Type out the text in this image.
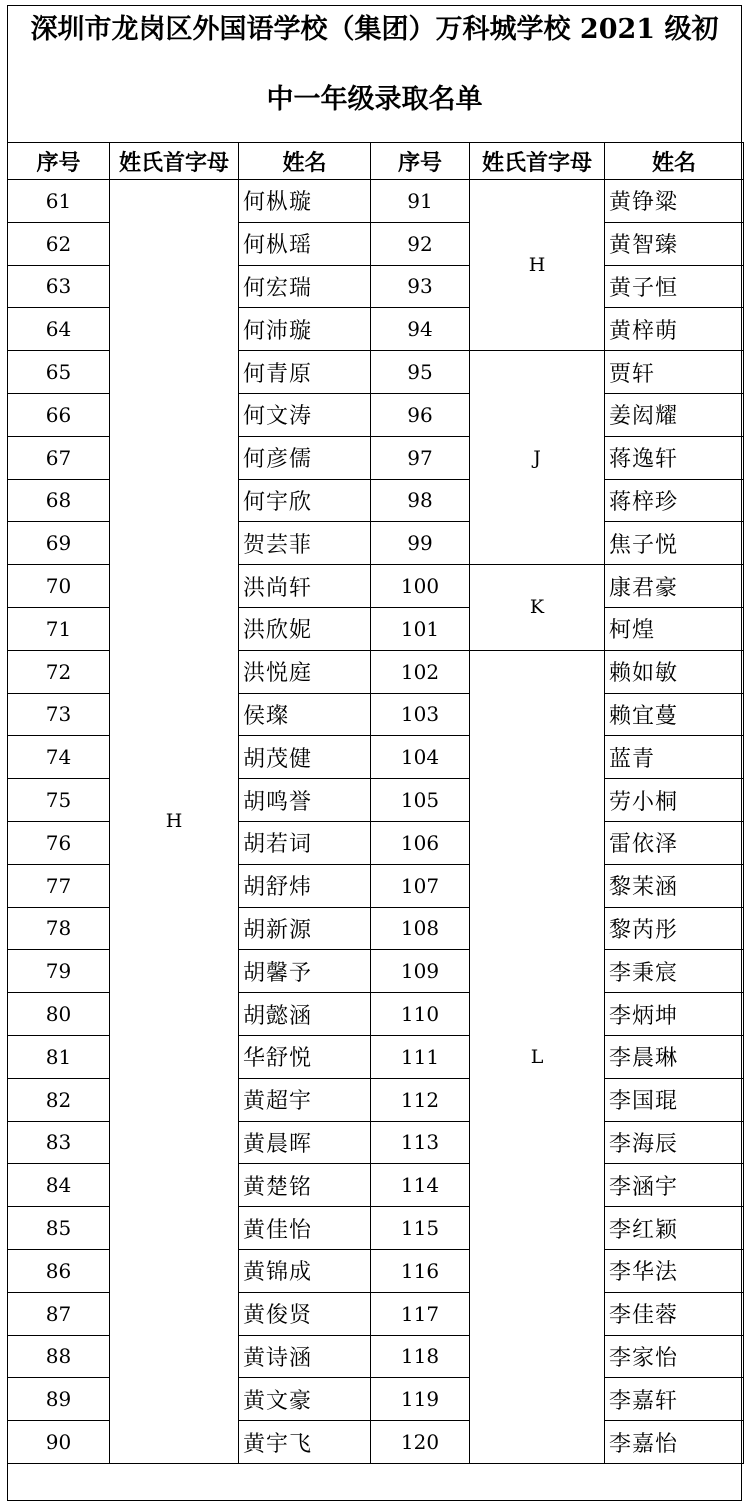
深圳市龙岗区外国语学校（集团）万科城学校 2021 级初
中一年级录取名单
序号	姓氏首字母	姓名	序号	姓氏首字母	姓名
61	H	何枞璇	91	H	黄铮粱
62		何枞瑶	92		黄智臻
63		何宏瑞	93		黄子恒
64		何沛璇	94		黄梓萌
65		何青原	95	J	贾轩
66		何文涛	96		姜闳耀
67		何彦儒	97		蒋逸轩
68		何宇欣	98		蒋梓珍
69		贺芸菲	99		焦子悦
70		洪尚轩	100	K	康君豪
71		洪欣妮	101		柯煌
72		洪悦庭	102	L	赖如敏
73		侯璨	103		赖宜蔓
74		胡茂健	104		蓝青
75		胡鸣誉	105		劳小桐
76		胡若词	106		雷依泽
77		胡舒炜	107		黎茉涵
78		胡新源	108		黎芮彤
79		胡馨予	109		李秉宸
80		胡懿涵	110		李炳坤
81		华舒悦	111		李晨琳
82		黄超宇	112		李国琨
83		黄晨晖	113		李海辰
84		黄楚铭	114		李涵宇
85		黄佳怡	115		李红颖
86		黄锦成	116		李华法
87		黄俊贤	117		李佳蓉
88		黄诗涵	118		李家怡
89		黄文豪	119		李嘉轩
90		黄宇飞	120		李嘉怡
